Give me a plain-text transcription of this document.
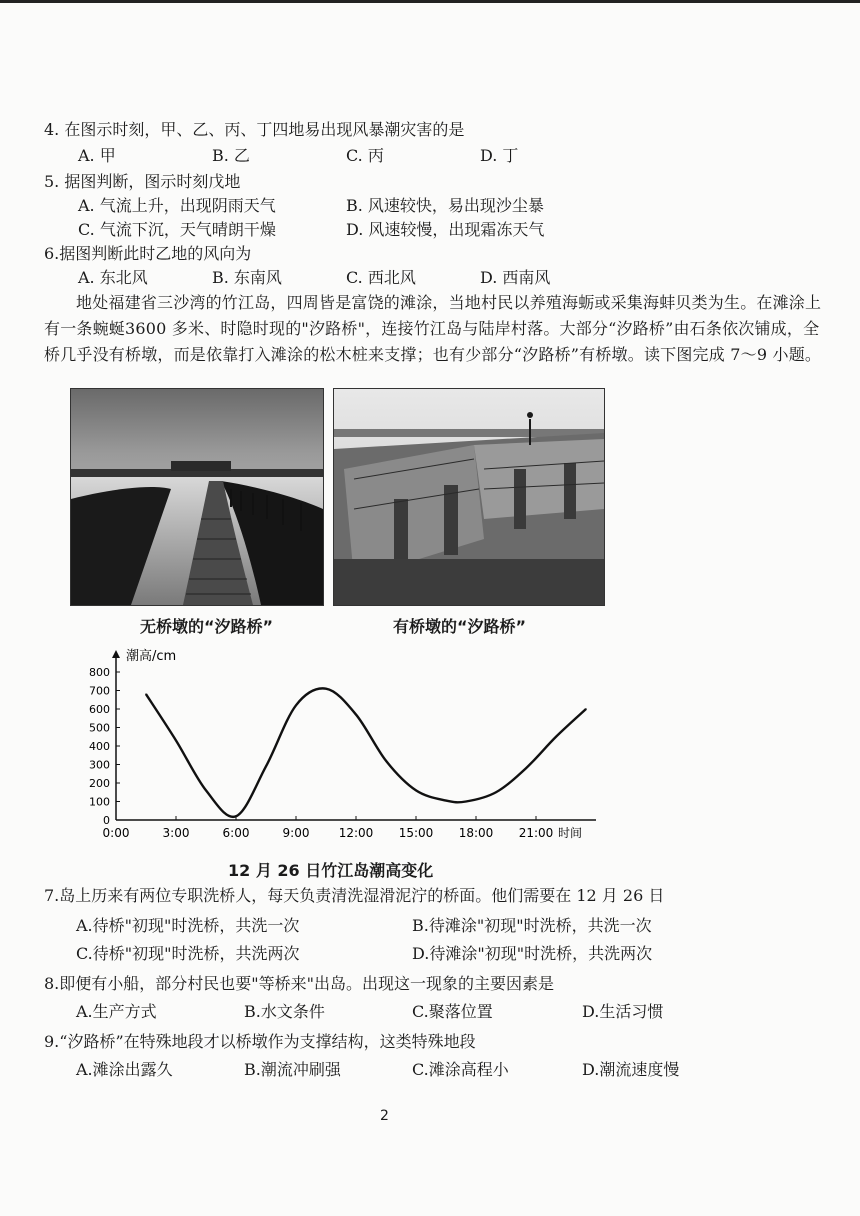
4. 在图示时刻，甲、乙、丙、丁四地易出现风暴潮灾害的是
A. 甲	B. 乙	C. 丙	D. 丁
5. 据图判断，图示时刻戊地
A. 气流上升，出现阴雨天气	B. 风速较快，易出现沙尘暴
C. 气流下沉，天气晴朗干燥	D. 风速较慢，出现霜冻天气
6.据图判断此时乙地的风向为
A. 东北风	B. 东南风	C. 西北风	D. 西南风
地处福建省三沙湾的竹江岛，四周皆是富饶的滩涂，当地村民以养殖海蛎或采集海蚌贝类为生。在滩涂上有一条蜿蜒3600 多米、时隐时现的"汐路桥"，连接竹江岛与陆岸村落。大部分“汐路桥”由石条依次铺成，全桥几乎没有桥墩，而是依靠打入滩涂的松木桩来支撑；也有少部分“汐路桥”有桥墩。读下图完成 7～9 小题。
无桥墩的“汐路桥”	有桥墩的“汐路桥”
潮高/cm
时间
0
100
200
300
400
500
600
700
800
0:00	3:00	6:00	9:00 12:00 15:00 18:00 21:00
12 月 26 日竹江岛潮高变化
7.岛上历来有两位专职洗桥人，每天负责清洗湿滑泥泞的桥面。他们需要在 12 月 26 日
A.待桥"初现"时洗桥，共洗一次	B.待滩涂"初现"时洗桥，共洗一次
C.待桥"初现"时洗桥，共洗两次	D.待滩涂"初现"时洗桥，共洗两次
8.即便有小船，部分村民也要"等桥来"出岛。出现这一现象的主要因素是
A.生产方式	B.水文条件	C.聚落位置	D.生活习惯
9.“汐路桥”在特殊地段才以桥墩作为支撑结构，这类特殊地段
A.滩涂出露久	B.潮流冲刷强	C.滩涂高程小	D.潮流速度慢
2
